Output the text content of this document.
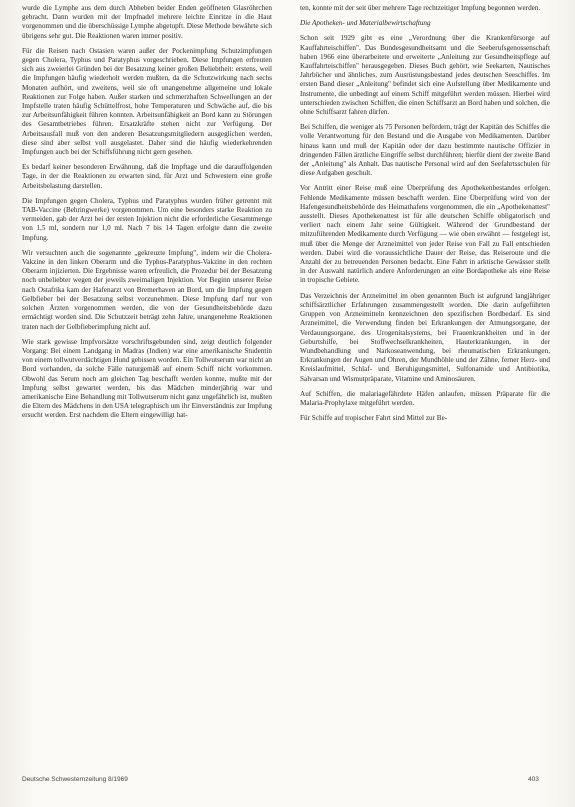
wurde die Lymphe aus dem durch Abheben beider Enden geöffneten Glasröhrchen gebracht. Dann wurden mit der Impfnadel mehrere leichte Einritze in die Haut vorgenommen und die überschüssige Lymphe abgetupft. Diese Methode bewährte sich übrigens sehr gut. Die Reaktionen waren immer positiv.

Für die Reisen nach Ostasien waren außer der Pockenimpfung Schutzimpfungen gegen Cholera, Typhus und Paratyphus vorgeschrieben. Diese Impfungen erfreuten sich aus zweierlei Gründen bei der Besatzung keiner großen Beliebtheit: erstens, weil die Impfungen häufig wiederholt werden mußten, da die Schutzwirkung nach sechs Monaten aufhört, und zweitens, weil sie oft unangenehme allgemeine und lokale Reaktionen zur Folge haben. Außer starken und schmerzhaften Schwellungen an der Impfstelle traten häufig Schüttelfrost, hohe Temperaturen und Schwäche auf, die bis zur Arbeitsunfähigkeit führen konnten. Arbeitsunfähigkeit an Bord kann zu Störungen des Gesamtbetriebes führen. Ersatzkräfte stehen nicht zur Verfügung. Der Arbeitsausfall muß von den anderen Besatzungsmitgliedern ausgeglichen werden, diese sind aber selbst voll ausgelastet. Daher sind die häufig wiederkehrenden Impfungen auch bei der Schiffsführung nicht gern gesehen.

Es bedarf keiner besonderen Erwähnung, daß die Impftage und die darauffolgenden Tage, in der die Reaktionen zu erwarten sind, für Arzt und Schwestern eine große Arbeitsbelastung darstellen.

Die Impfungen gegen Cholera, Typhus und Paratyphus wurden früher getrennt mit TAB-Vaccine (Behringwerke) vorgenommen. Um eine besonders starke Reaktion zu vermeiden, gab der Arzt bei der ersten Injektion nicht die erforderliche Gesamtmenge von 1,5 ml, sondern nur 1,0 ml. Nach 7 bis 14 Tagen erfolgte dann die zweite Impfung.

Wir versuchten auch die sogenannte „gekreuzte Impfung", indem wir die Cholera-Vakzine in den linken Oberarm und die Typhus-Paratyphus-Vakzine in den rechten Oberarm injizierten. Die Ergebnisse waren erfreulich, die Prozedur bei der Besatzung noch unbeliebter wegen der jeweils zweimaligen Injektion. Vor Beginn unserer Reise nach Ostafrika kam der Hafenarzt von Bremerhaven an Bord, um die Impfung gegen Gelbfieber bei der Besatzung selbst vorzunehmen. Diese Impfung darf nur von solchen Ärzten vorgenommen werden, die von der Gesundheitsbehörde dazu ermächtigt worden sind. Die Schutzzeit beträgt zehn Jahre, unangenehme Reaktionen traten nach der Gelbfieberimpfung nicht auf.

Wie stark gewisse Impfvorsätze vorschriftsgebunden sind, zeigt deutlich folgender Vorgang: Bei einem Landgang in Madras (Indien) war eine amerikanische Studentin von einem tollwutverdächtigen Hund gebissen worden. Ein Tollwutserum war nicht an Bord vorhanden, da solche Fälle naturgemäß auf einem Schiff nicht vorkommen. Obwohl das Serum noch am gleichen Tag beschafft werden konnte, mußte mit der Impfung selbst gewartet werden, bis das Mädchen minderjährig war und amerikanische Eine Behandlung mit Tollwutserum nicht ganz ungefährlich ist, mußten die Eltern des Mädchens in den USA telegraphisch um ihr Einverständnis zur Impfung ersucht werden. Erst nachdem die Eltern eingewilligt hat-

ten, konnte mit der seit über mehrere Tage rechtzeitiger Impfung begonnen werden.

Die Apotheken- und Materialbewirtschaftung

Schon seit 1929 gibt es eine „Verordnung über die Krankenfürsorge auf Kauffahrteischiffen". Das Bundesgesundheitsamt und die Seeberufsgenossenschaft haben 1966 eine überarbeitete und erweiterte „Anleitung zur Gesundheitspflege auf Kauffahrteischiffen" herausgegeben. Dieses Buch gehört, wie Seekarten, Nautisches Jahrbücher und ähnliches, zum Ausrüstungsbestand jedes deutschen Seeschiffes. Im ersten Band dieser „Anleitung" befindet sich eine Aufstellung über Medikamente und Instrumente, die unbedingt auf einem Schiff mitgeführt werden müssen. Hierbei wird unterschieden zwischen Schiffen, die einen Schiffsarzt an Bord haben und solchen, die ohne Schiffsarzt fahren dürfen.

Bei Schiffen, die weniger als 75 Personen befördern, trägt der Kapitän des Schiffes die volle Verantwortung für den Bestand und die Ausgabe von Medikamenten. Darüber hinaus kann und muß der Kapitän oder der dazu bestimmte nautische Offizier in dringenden Fällen ärztliche Eingriffe selbst durchführen; hierfür dient der zweite Band der „Anleitung" als Anhalt. Das nautische Personal wird auf den Seefahrtsschulen für diese Aufgaben geschult.

Vor Antritt einer Reise muß eine Überprüfung des Apothekenbestandes erfolgen. Fehlende Medikamente müssen beschafft werden. Eine Überprüfung wird von der Hafengesundheitsbehörde des Heimathafens vorgenommen, die ein „Apothekenattest" ausstellt. Dieses Apothekenattest ist für alle deutschen Schiffe obligatorisch und verliert nach einem Jahr seine Gültigkeit. Während der Grundbestand der mitzuführenden Medikamente durch Verfügung — wie oben erwähnt — festgelegt ist, muß über die Menge der Arzneimittel von jeder Reise von Fall zu Fall entschieden werden. Dabei wird die voraussichtliche Dauer der Reise, das Reiseroute und die Anzahl der zu betreuenden Personen bedacht. Eine Fahrt in arktische Gewässer stellt in der Auswahl natürlich andere Anforderungen an eine Bordapotheke als eine Reise in tropische Gebiete.

Das Verzeichnis der Arzneimittel im oben genannten Buch ist aufgrund langjähriger schiffsärztlicher Erfahrungen zusammengestellt worden. Die darin aufgeführten Gruppen von Arzneimitteln kennzeichnen den spezifischen Bordbedarf. Es sind Arzneimittel, die Verwendung finden bei Erkrankungen der Atmungsorgane, der Verdauungsorgane, des Urogenitalsystems, bei Frauenkrankheiten und in der Geburtshilfe, bei Stoffwechselkrankheiten, Hauterkrankungen, in der Wundbehandlung und Narkoseanwendung, bei rheumatischen Erkrankungen, Erkrankungen der Augen und Ohren, der Mundhöhle und der Zähne, ferner Herz- und Kreislaufmittel, Schlaf- und Beruhigungsmittel, Sulfonamide und Antibiotika, Salvarsan und Wismutpräparate, Vitamine und Aminosäuren.

Auf Schiffen, die malariagefährdete Häfen anlaufen, müssen Präparate für die Malaria-Prophylaxe mitgeführt werden.

Für Schiffe auf tropischer Fahrt sind Mittel zur Be-

Deutsche Schwesternzeitung 8/1969	403
